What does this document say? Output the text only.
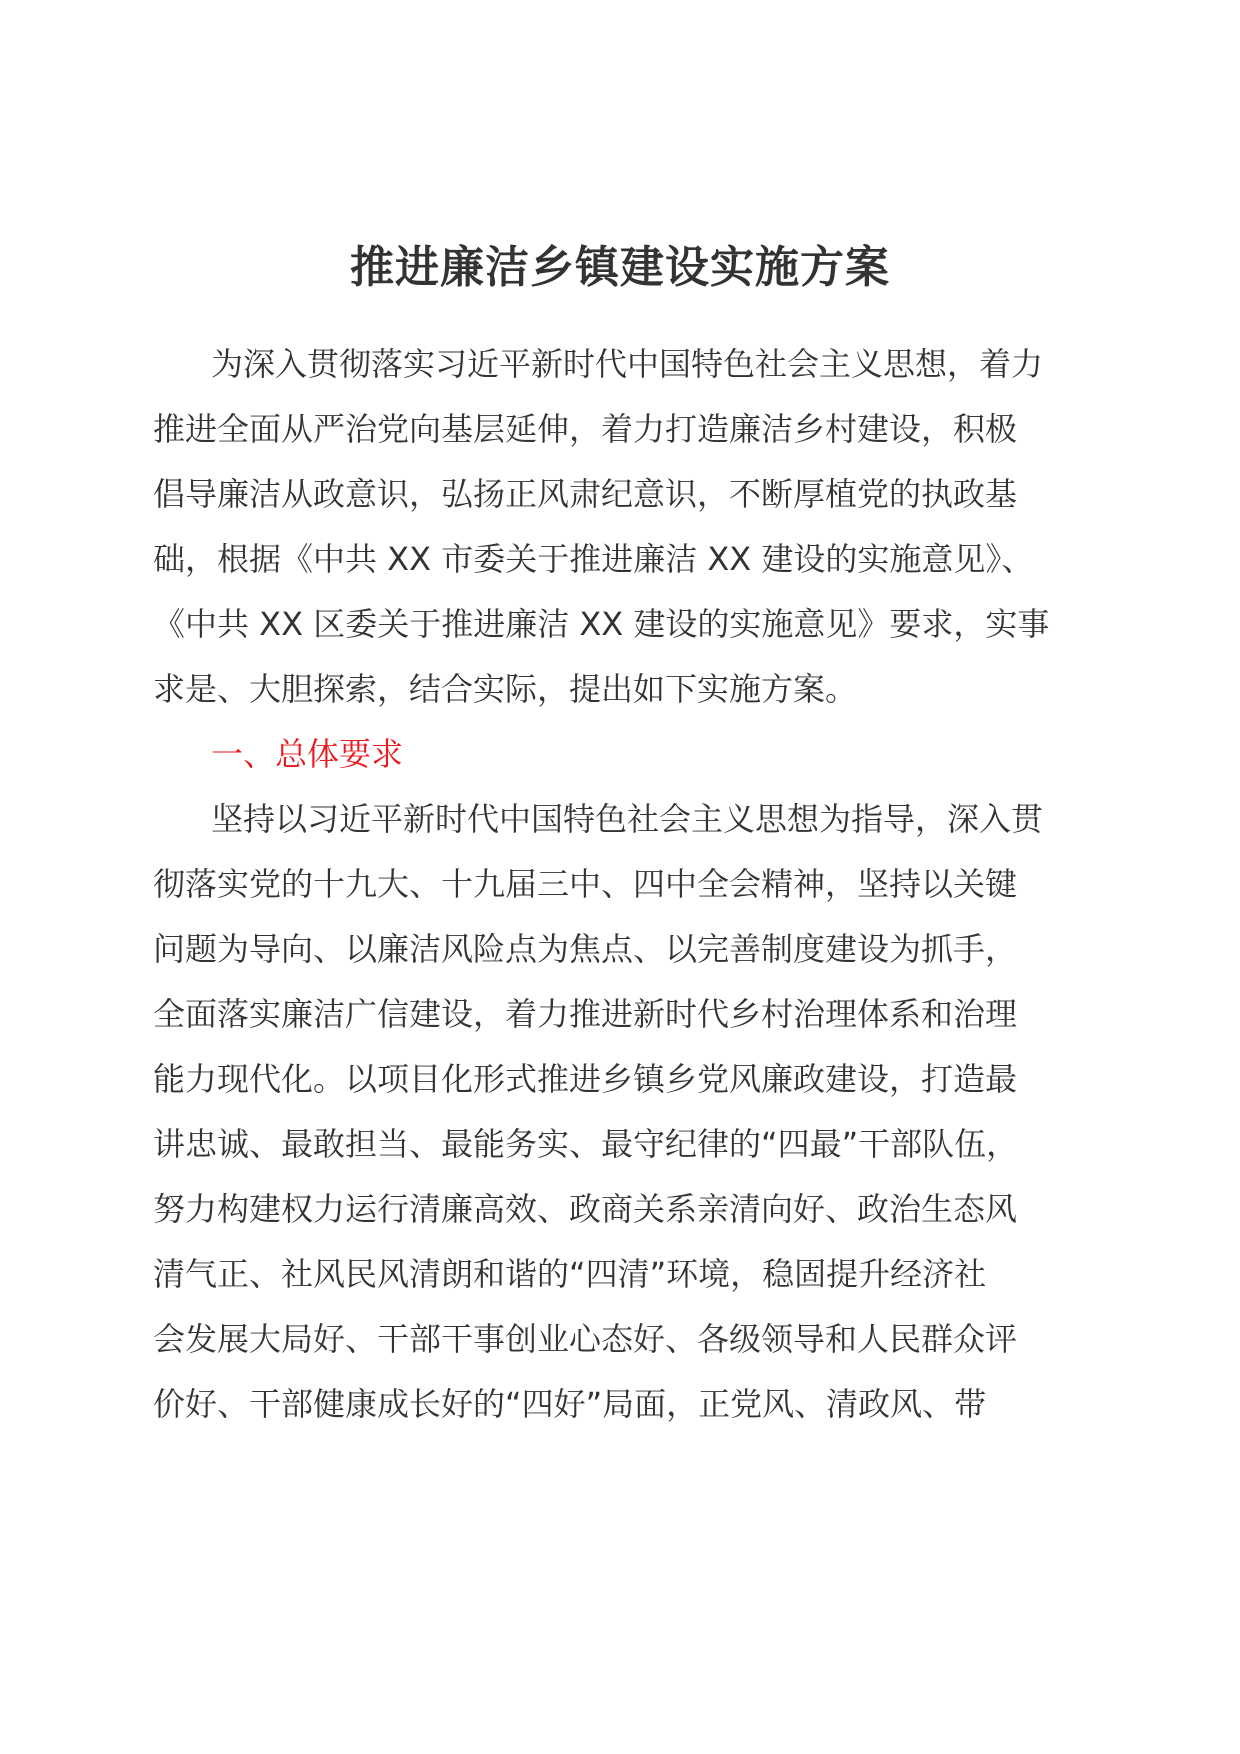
推进廉洁乡镇建设实施方案
为深入贯彻落实习近平新时代中国特色社会主义思想，着力
推进全面从严治党向基层延伸，着力打造廉洁乡村建设，积极
倡导廉洁从政意识，弘扬正风肃纪意识，不断厚植党的执政基
础，根据《中共 XX 市委关于推进廉洁 XX 建设的实施意见》、
《中共 XX 区委关于推进廉洁 XX 建设的实施意见》要求，实事
求是、大胆探索，结合实际，提出如下实施方案。
一、总体要求
坚持以习近平新时代中国特色社会主义思想为指导，深入贯
彻落实党的十九大、十九届三中、四中全会精神，坚持以关键
问题为导向、以廉洁风险点为焦点、以完善制度建设为抓手，
全面落实廉洁广信建设，着力推进新时代乡村治理体系和治理
能力现代化。以项目化形式推进乡镇乡党风廉政建设，打造最
讲忠诚、最敢担当、最能务实、最守纪律的“四最”干部队伍，
努力构建权力运行清廉高效、政商关系亲清向好、政治生态风
清气正、社风民风清朗和谐的“四清”环境，稳固提升经济社
会发展大局好、干部干事创业心态好、各级领导和人民群众评
价好、干部健康成长好的“四好”局面，正党风、清政风、带
